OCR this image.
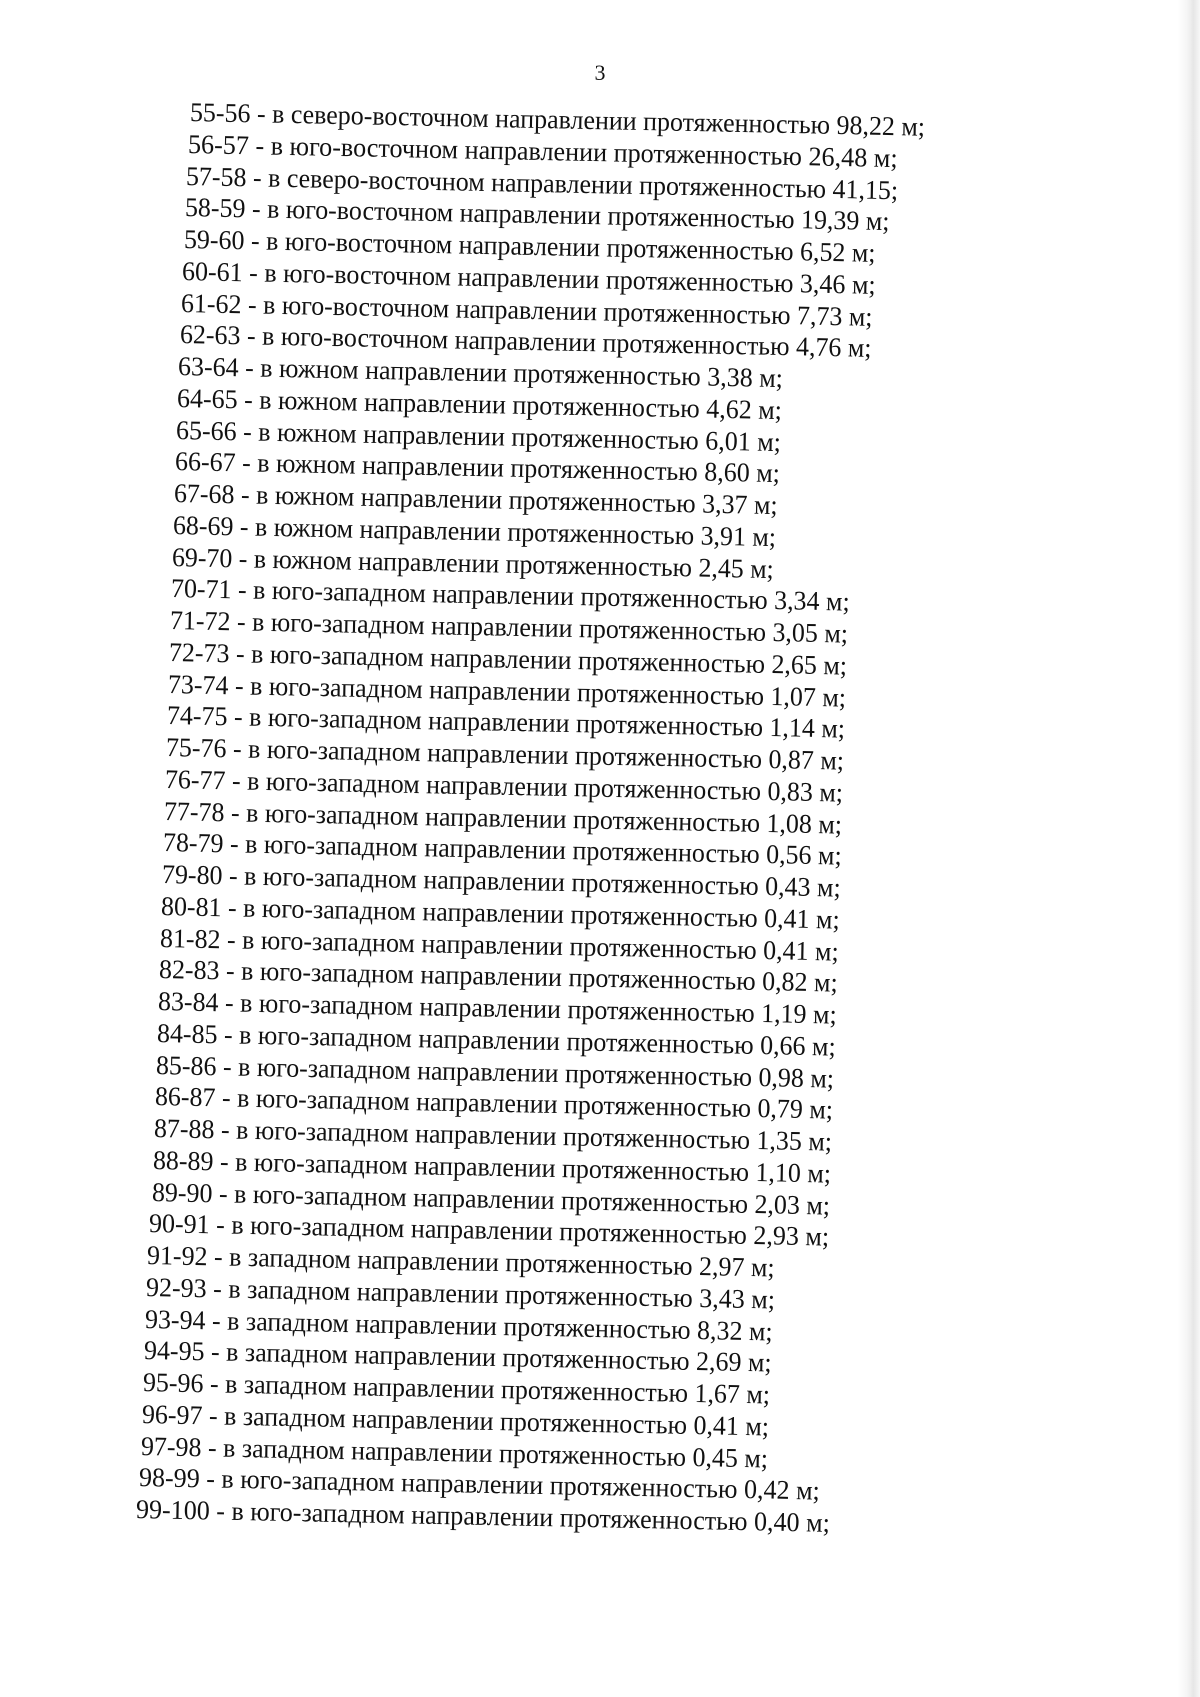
3
55-56 - в северо-восточном направлении протяженностью 98,22 м;
56-57 - в юго-восточном направлении протяженностью 26,48 м;
57-58 - в северо-восточном направлении протяженностью 41,15;
58-59 - в юго-восточном направлении протяженностью 19,39 м;
59-60 - в юго-восточном направлении протяженностью 6,52 м;
60-61 - в юго-восточном направлении протяженностью 3,46 м;
61-62 - в юго-восточном направлении протяженностью 7,73 м;
62-63 - в юго-восточном направлении протяженностью 4,76 м;
63-64 - в южном направлении протяженностью 3,38 м;
64-65 - в южном направлении протяженностью 4,62 м;
65-66 - в южном направлении протяженностью 6,01 м;
66-67 - в южном направлении протяженностью 8,60 м;
67-68 - в южном направлении протяженностью 3,37 м;
68-69 - в южном направлении протяженностью 3,91 м;
69-70 - в южном направлении протяженностью 2,45 м;
70-71 - в юго-западном направлении протяженностью 3,34 м;
71-72 - в юго-западном направлении протяженностью 3,05 м;
72-73 - в юго-западном направлении протяженностью 2,65 м;
73-74 - в юго-западном направлении протяженностью 1,07 м;
74-75 - в юго-западном направлении протяженностью 1,14 м;
75-76 - в юго-западном направлении протяженностью 0,87 м;
76-77 - в юго-западном направлении протяженностью 0,83 м;
77-78 - в юго-западном направлении протяженностью 1,08 м;
78-79 - в юго-западном направлении протяженностью 0,56 м;
79-80 - в юго-западном направлении протяженностью 0,43 м;
80-81 - в юго-западном направлении протяженностью 0,41 м;
81-82 - в юго-западном направлении протяженностью 0,41 м;
82-83 - в юго-западном направлении протяженностью 0,82 м;
83-84 - в юго-западном направлении протяженностью 1,19 м;
84-85 - в юго-западном направлении протяженностью 0,66 м;
85-86 - в юго-западном направлении протяженностью 0,98 м;
86-87 - в юго-западном направлении протяженностью 0,79 м;
87-88 - в юго-западном направлении протяженностью 1,35 м;
88-89 - в юго-западном направлении протяженностью 1,10 м;
89-90 - в юго-западном направлении протяженностью 2,03 м;
90-91 - в юго-западном направлении протяженностью 2,93 м;
91-92 - в западном направлении протяженностью 2,97 м;
92-93 - в западном направлении протяженностью 3,43 м;
93-94 - в западном направлении протяженностью 8,32 м;
94-95 - в западном направлении протяженностью 2,69 м;
95-96 - в западном направлении протяженностью 1,67 м;
96-97 - в западном направлении протяженностью 0,41 м;
97-98 - в западном направлении протяженностью 0,45 м;
98-99 - в юго-западном направлении протяженностью 0,42 м;
99-100 - в юго-западном направлении протяженностью 0,40 м;
